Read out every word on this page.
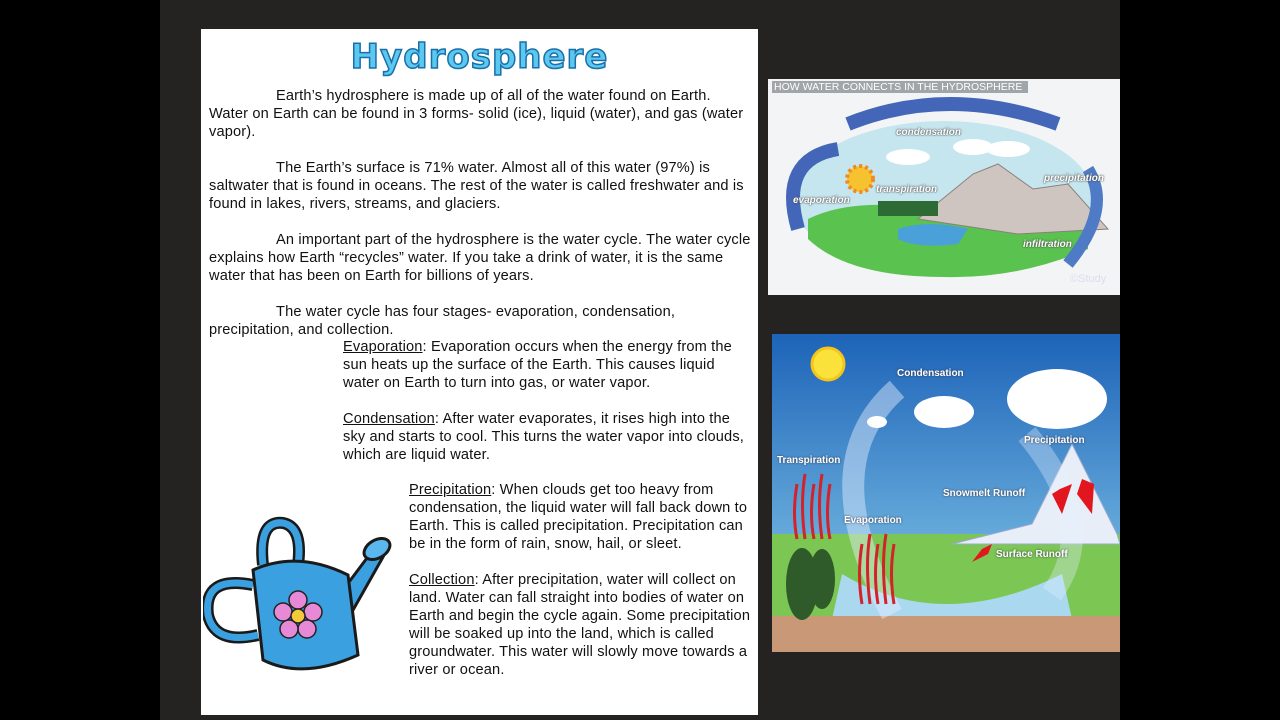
Hydrosphere

Earth’s hydrosphere is made up of all of the water found on Earth. Water on Earth can be found in 3 forms- solid (ice), liquid (water), and gas (water vapor).

The Earth’s surface is 71% water. Almost all of this water (97%) is saltwater that is found in oceans. The rest of the water is called freshwater and is found in lakes, rivers, streams, and glaciers.

An important part of the hydrosphere is the water cycle. The water cycle explains how Earth “recycles” water. If you take a drink of water, it is the same water that has been on Earth for billions of years.

The water cycle has four stages- evaporation, condensation, precipitation, and collection.

Evaporation: Evaporation occurs when the energy from the sun heats up the surface of the Earth. This causes liquid water on Earth to turn into gas, or water vapor.

Condensation: After water evaporates, it rises high into the sky and starts to cool. This turns the water vapor into clouds, which are liquid water.

Precipitation: When clouds get too heavy from condensation, the liquid water will fall back down to Earth. This is called precipitation. Precipitation can be in the form of rain, snow, hail, or sleet.

Collection: After precipitation, water will collect on land. Water can fall straight into bodies of water on Earth and begin the cycle again. Some precipitation will be soaked up into the land, which is called groundwater. This water will slowly move towards a river or ocean.

HOW WATER CONNECTS IN THE HYDROSPHERE
condensation
transpiration
precipitation
evaporation
infiltration
©Study
Condensation
Precipitation
Transpiration
Snowmelt Runoff
Evaporation
Surface Runoff
